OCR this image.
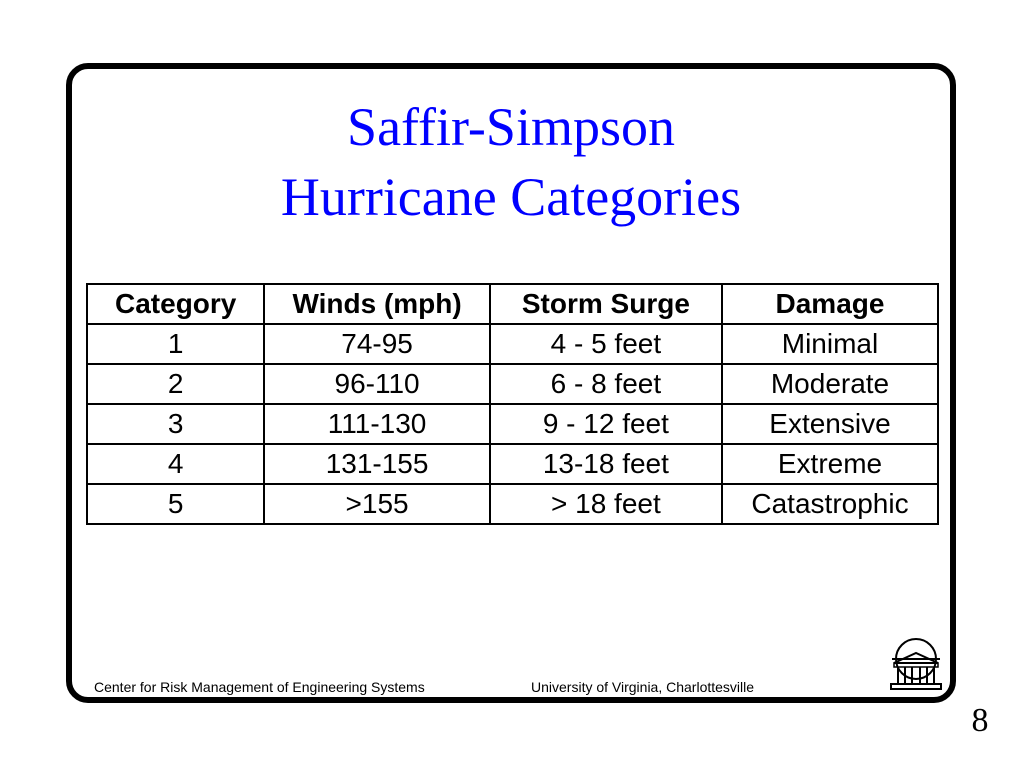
Saffir-Simpson
Hurricane Categories
Category	Winds (mph)	Storm Surge	Damage
1	74-95	4 - 5 feet	Minimal
2	96-110	6 - 8 feet	Moderate
3	111-130	9 - 12 feet	Extensive
4	131-155	13-18 feet	Extreme
5	>155	> 18 feet	Catastrophic
Center for Risk Management of Engineering Systems	University of Virginia, Charlottesville
8
